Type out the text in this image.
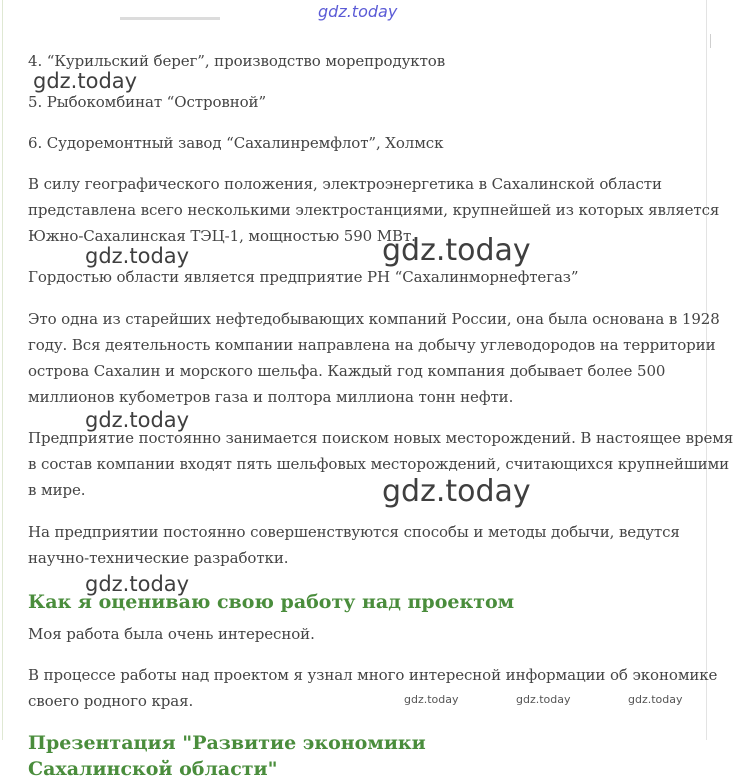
gdz.today
4. “Курильский берег”, производство морепродуктов
5. Рыбокомбинат “Островной”
6. Судоремонтный завод “Сахалинремфлот”, Холмск
В силу географического положения, электроэнергетика в Сахалинской области
представлена всего несколькими электростанциями, крупнейшей из которых является
Южно-Сахалинская ТЭЦ-1, мощностью 590 МВт.
Гордостью области является предприятие РН “Сахалинморнефтегаз”
Это одна из старейших нефтедобывающих компаний России, она была основана в 1928
году. Вся деятельность компании направлена на добычу углеводородов на территории
острова Сахалин и морского шельфа. Каждый год компания добывает более 500
миллионов кубометров газа и полтора миллиона тонн нефти.
Предприятие постоянно занимается поиском новых месторождений. В настоящее время
в состав компании входят пять шельфовых месторождений, считающихся крупнейшими
в мире.
На предприятии постоянно совершенствуются способы и методы добычи, ведутся
научно-технические разработки.
Как я оцениваю свою работу над проектом
Моя работа была очень интересной.
В процессе работы над проектом я узнал много интересной информации об экономике
своего родного края.
Презентация "Развитие экономики Сахалинской области"
gdz.today
gdz.today
gdz.today
gdz.today
gdz.today
gdz.today
gdz.today	gdz.today	gdz.today
